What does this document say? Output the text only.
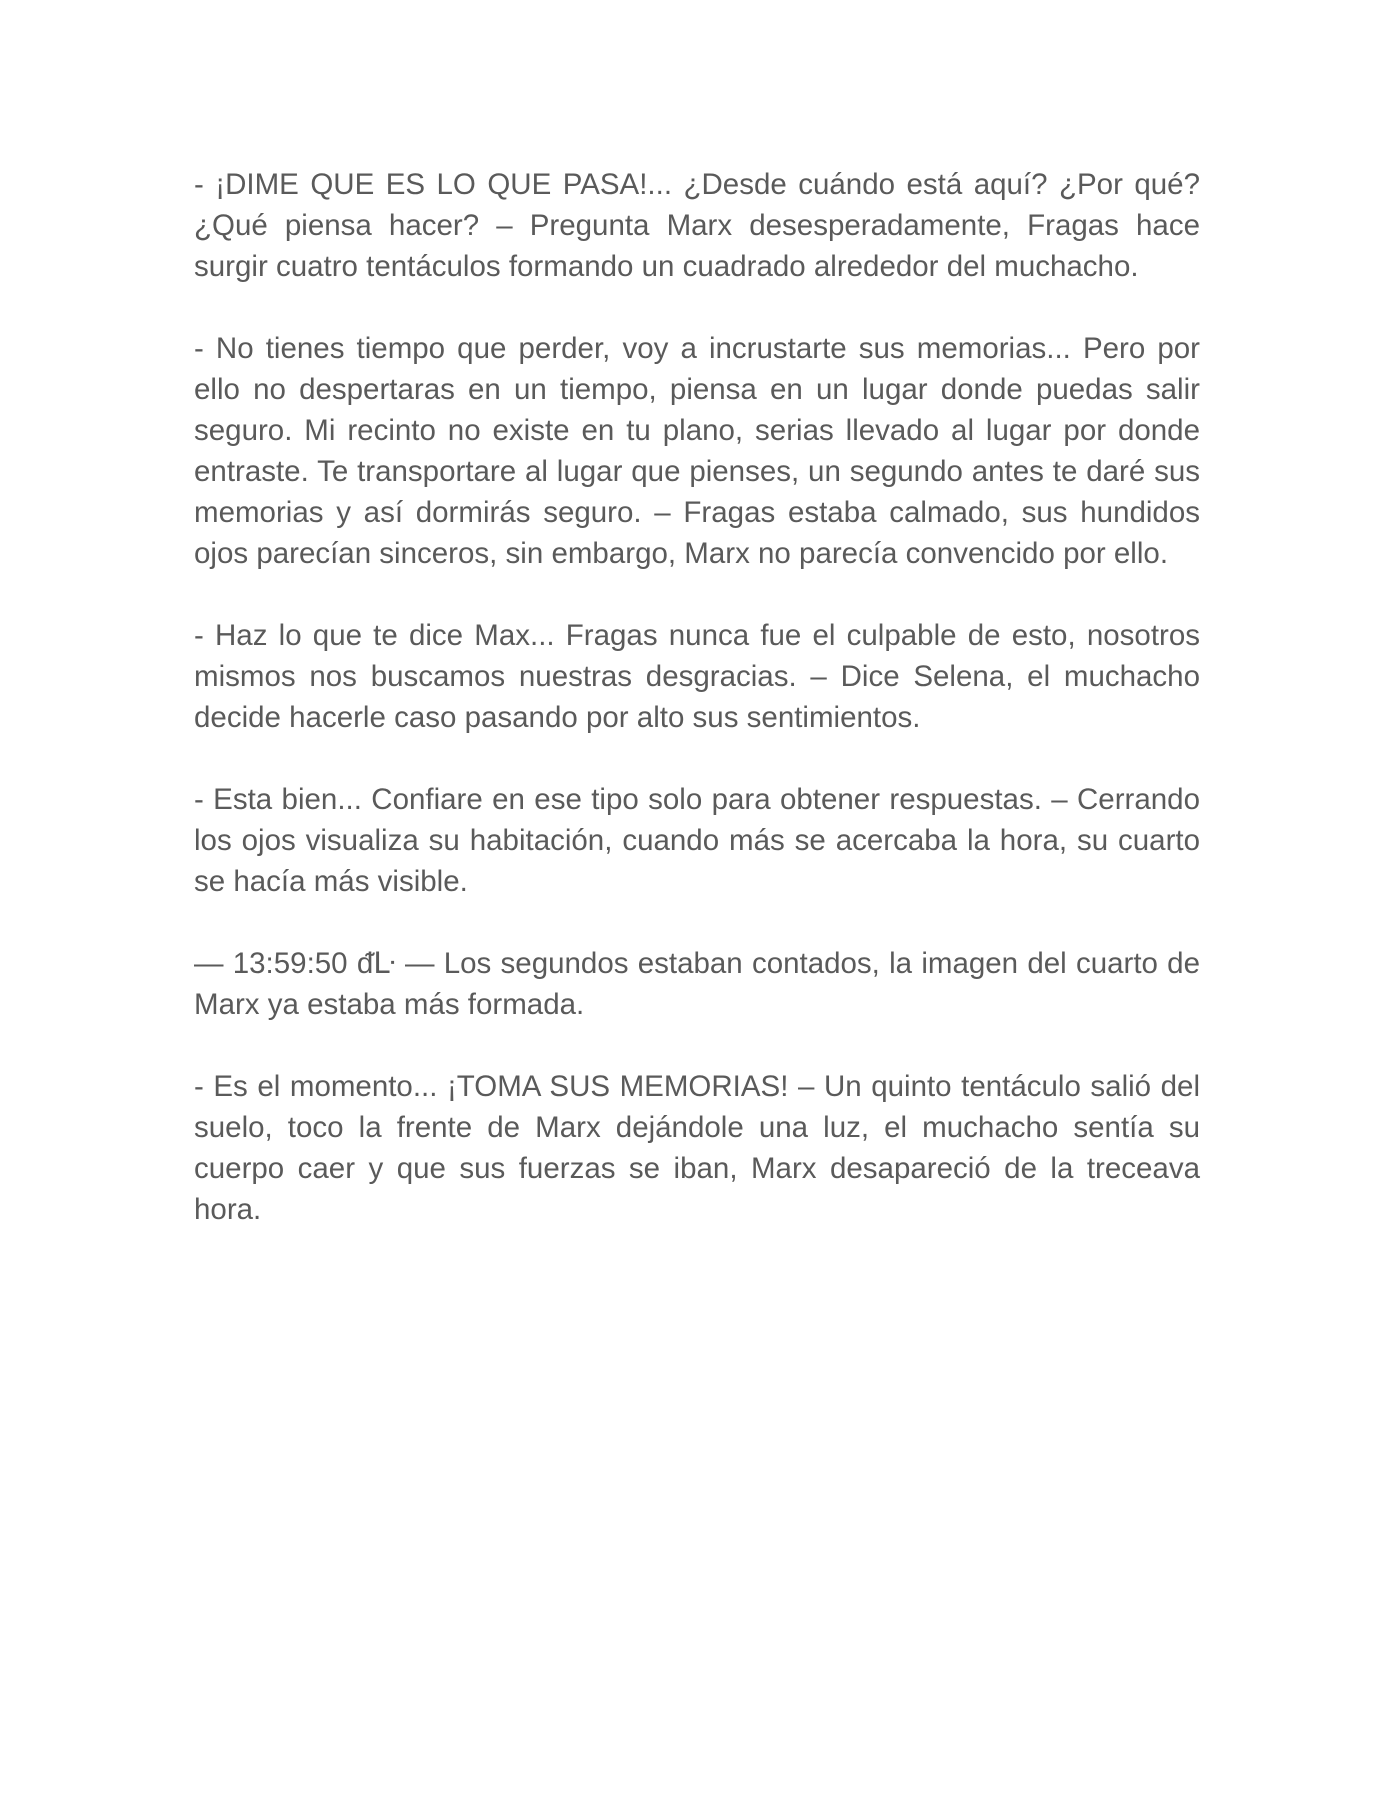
- ¡DIME QUE ES LO QUE PASA!... ¿Desde cuándo está aquí? ¿Por qué? ¿Qué piensa hacer? – Pregunta Marx desesperadamente, Fragas hace surgir cuatro tentáculos formando un cuadrado alrededor del muchacho.

- No tienes tiempo que perder, voy a incrustarte sus memorias... Pero por ello no despertaras en un tiempo, piensa en un lugar donde puedas salir seguro. Mi recinto no existe en tu plano, serias llevado al lugar por donde entraste. Te transportare al lugar que pienses, un segundo antes te daré sus memorias y así dormirás seguro. – Fragas estaba calmado, sus hundidos ojos parecían sinceros, sin embargo, Marx no parecía convencido por ello.

- Haz lo que te dice Max... Fragas nunca fue el culpable de esto, nosotros mismos nos buscamos nuestras desgracias. – Dice Selena, el muchacho decide hacerle caso pasando por alto sus sentimientos.

- Esta bien... Confiare en ese tipo solo para obtener respuestas. – Cerrando los ojos visualiza su habitación, cuando más se acercaba la hora, su cuarto se hacía más visible.

— 13:59:50 ᵭᒷ — Los segundos estaban contados, la imagen del cuarto de Marx ya estaba más formada.

- Es el momento... ¡TOMA SUS MEMORIAS! – Un quinto tentáculo salió del suelo, toco la frente de Marx dejándole una luz, el muchacho sentía su cuerpo caer y que sus fuerzas se iban, Marx desapareció de la treceava hora.
